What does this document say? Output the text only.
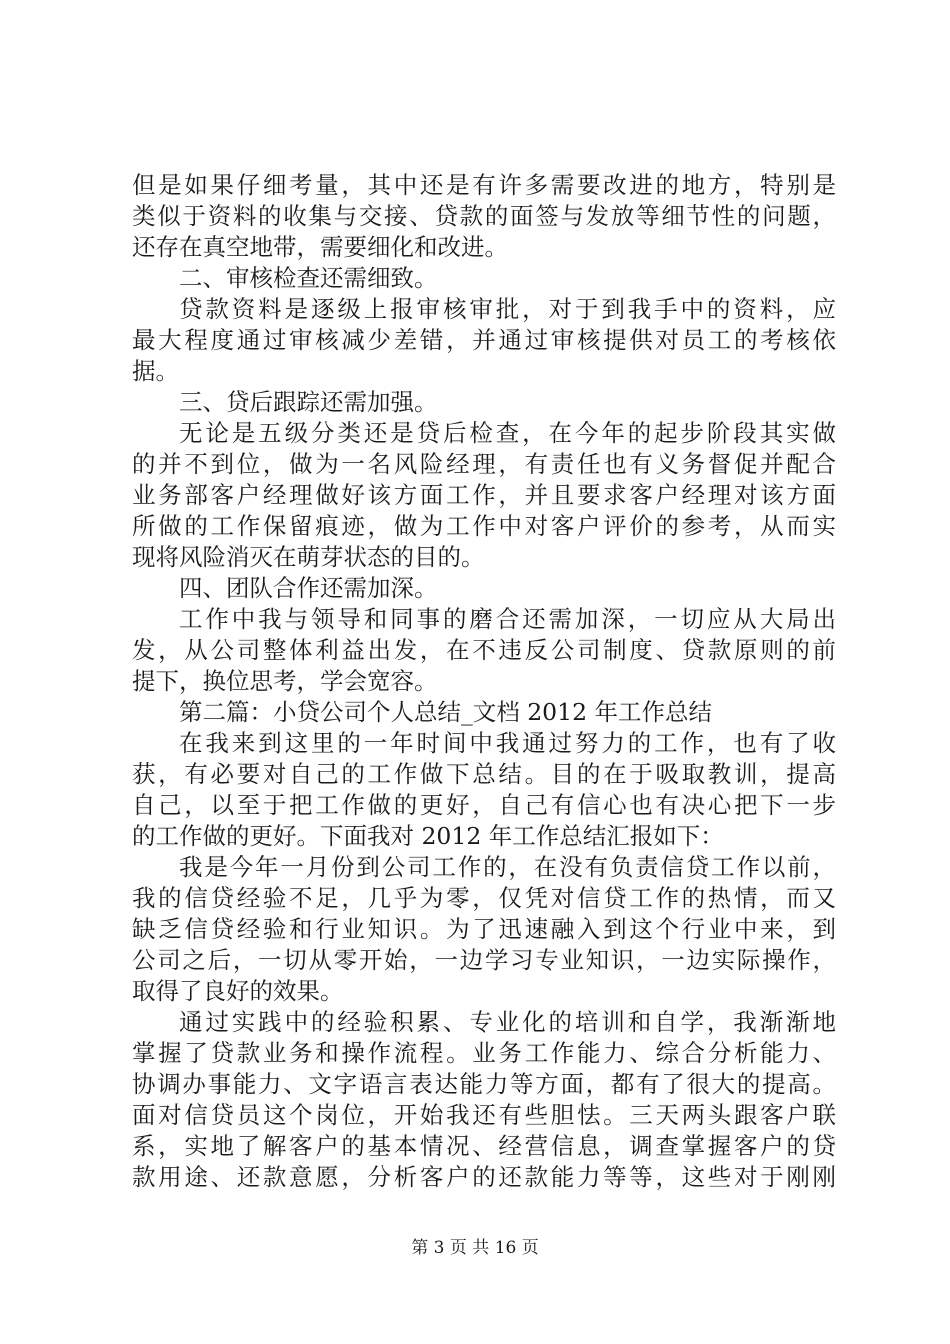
但是如果仔细考量，其中还是有许多需要改进的地方，特别是
类似于资料的收集与交接、贷款的面签与发放等细节性的问题，
还存在真空地带，需要细化和改进。
二、审核检查还需细致。
贷款资料是逐级上报审核审批，对于到我手中的资料，应
最大程度通过审核减少差错，并通过审核提供对员工的考核依
据。
三、贷后跟踪还需加强。
无论是五级分类还是贷后检查，在今年的起步阶段其实做
的并不到位，做为一名风险经理，有责任也有义务督促并配合
业务部客户经理做好该方面工作，并且要求客户经理对该方面
所做的工作保留痕迹，做为工作中对客户评价的参考，从而实
现将风险消灭在萌芽状态的目的。
四、团队合作还需加深。
工作中我与领导和同事的磨合还需加深，一切应从大局出
发，从公司整体利益出发，在不违反公司制度、贷款原则的前
提下，换位思考，学会宽容。
第二篇：小贷公司个人总结_文档 2012 年工作总结
在我来到这里的一年时间中我通过努力的工作，也有了收
获，有必要对自己的工作做下总结。目的在于吸取教训，提高
自己，以至于把工作做的更好，自己有信心也有决心把下一步
的工作做的更好。下面我对 2012 年工作总结汇报如下：
我是今年一月份到公司工作的，在没有负责信贷工作以前，
我的信贷经验不足，几乎为零，仅凭对信贷工作的热情，而又
缺乏信贷经验和行业知识。为了迅速融入到这个行业中来，到
公司之后，一切从零开始，一边学习专业知识，一边实际操作，
取得了良好的效果。
通过实践中的经验积累、专业化的培训和自学，我渐渐地
掌握了贷款业务和操作流程。业务工作能力、综合分析能力、
协调办事能力、文字语言表达能力等方面，都有了很大的提高。
面对信贷员这个岗位，开始我还有些胆怯。三天两头跟客户联
系，实地了解客户的基本情况、经营信息，调查掌握客户的贷
款用途、还款意愿，分析客户的还款能力等等，这些对于刚刚
第 3 页 共 16 页
